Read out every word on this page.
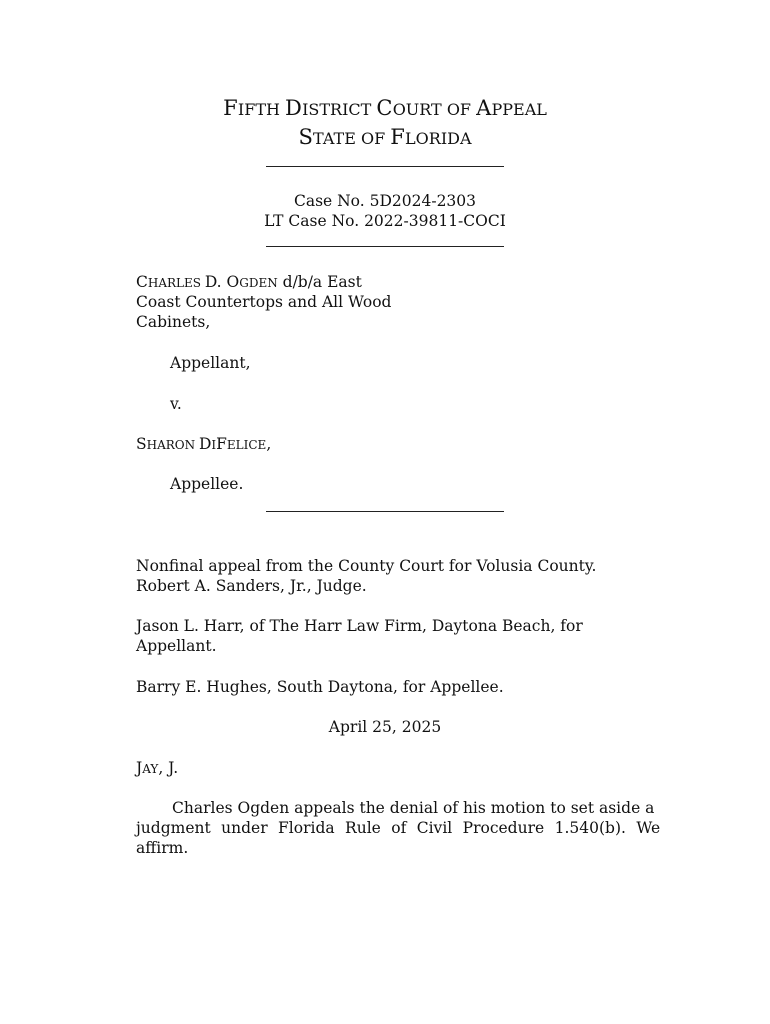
FIFTH DISTRICT COURT OF APPEAL
STATE OF FLORIDA
Case No. 5D2024-2303
LT Case No. 2022-39811-COCI
CHARLES D. OGDEN d/b/a East
Coast Countertops and All Wood
Cabinets,
Appellant,
v.
SHARON DIFELICE,
Appellee.
Nonfinal appeal from the County Court for Volusia County.
Robert A. Sanders, Jr., Judge.
Jason L. Harr, of The Harr Law Firm, Daytona Beach, for
Appellant.
Barry E. Hughes, South Daytona, for Appellee.
April 25, 2025
JAY, J.
Charles Ogden appeals the denial of his motion to set aside a
judgment under Florida Rule of Civil Procedure 1.540(b). We
affirm.
